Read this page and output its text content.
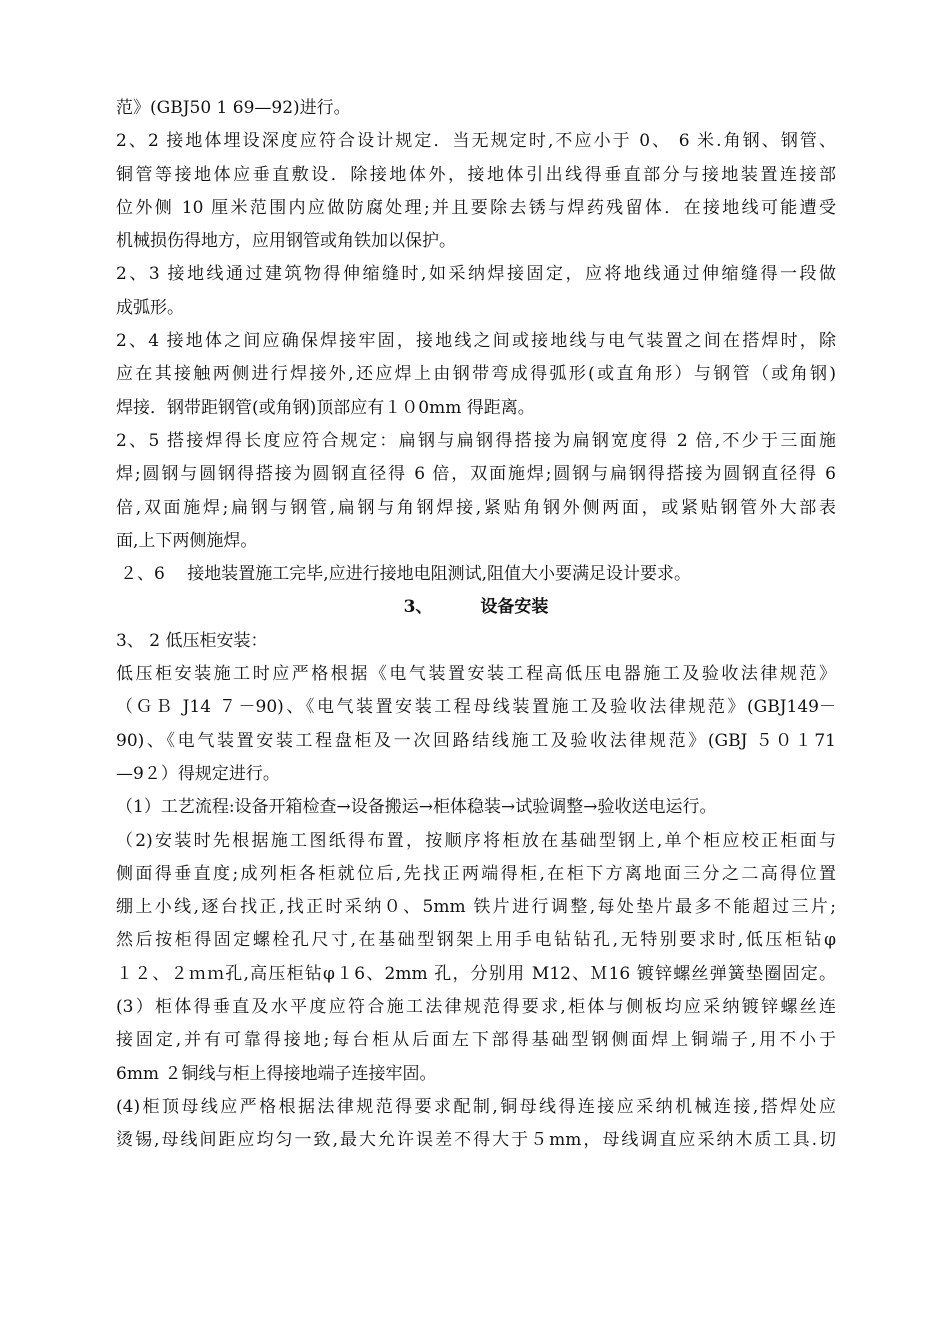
范》(GBJ50 1 69—92)进行。
2、2 接地体埋设深度应符合设计规定．当无规定时,不应小于 0、 6 米.角钢、钢管、
铜管等接地体应垂直敷设．除接地体外，接地体引出线得垂直部分与接地装置连接部
位外侧 10 厘米范围内应做防腐处理;并且要除去锈与焊药残留体．在接地线可能遭受
机械损伤得地方，应用钢管或角铁加以保护。
2、3 接地线通过建筑物得伸缩缝时,如采纳焊接固定，应将地线通过伸缩缝得一段做
成弧形。
2、4 接地体之间应确保焊接牢固，接地线之间或接地线与电气装置之间在搭焊时，除
应在其接触两侧进行焊接外,还应焊上由钢带弯成得弧形(或直角形）与钢管（或角钢)
焊接．钢带距钢管(或角钢)顶部应有１０0mm 得距离。
2、5 搭接焊得长度应符合规定：扁钢与扁钢得搭接为扁钢宽度得 2 倍,不少于三面施
焊;圆钢与圆钢得搭接为圆钢直径得 6 倍，双面施焊;圆钢与扁钢得搭接为圆钢直径得 6
倍,双面施焊;扁钢与钢管,扁钢与角钢焊接,紧贴角钢外侧两面，或紧贴钢管外大部表
面,上下两侧施焊。
２、6　 接地装置施工完毕,应进行接地电阻测试,阻值大小要满足设计要求。
3、	设备安装
3、 2 低压柜安装：
低压柜安装施工时应严格根据《电气装置安装工程高低压电器施工及验收法律规范》
（ＧＢ J14 ７－90)、《电气装置安装工程母线装置施工及验收法律规范》(GBJ149－
90)、《电气装置安装工程盘柜及一次回路结线施工及验收法律规范》(GBJ ５０１71
—9２）得规定进行。
（1）工艺流程:设备开箱检查→设备搬运→柜体稳装→试验调整→验收送电运行。
（2)安装时先根据施工图纸得布置，按顺序将柜放在基础型钢上,单个柜应校正柜面与
侧面得垂直度;成列柜各柜就位后,先找正两端得柜,在柜下方离地面三分之二高得位置
绷上小线,逐台找正,找正时采纳０、5mm 铁片进行调整,每处垫片最多不能超过三片;
然后按柜得固定螺栓孔尺寸,在基础型钢架上用手电钻钻孔,无特别要求时,低压柜钻φ
１２、２ｍｍ孔,高压柜钻φ１6、2mm 孔，分别用 M12、Ｍ16 镀锌螺丝弹簧垫圈固定。
(3）柜体得垂直及水平度应符合施工法律规范得要求,柜体与侧板均应采纳镀锌螺丝连
接固定,并有可靠得接地;每台柜从后面左下部得基础型钢侧面焊上铜端子,用不小于
6mm ２铜线与柜上得接地端子连接牢固。
(4)柜顶母线应严格根据法律规范得要求配制,铜母线得连接应采纳机械连接,搭焊处应
烫锡,母线间距应均匀一致,最大允许误差不得大于５mm，母线调直应采纳木质工具.切
